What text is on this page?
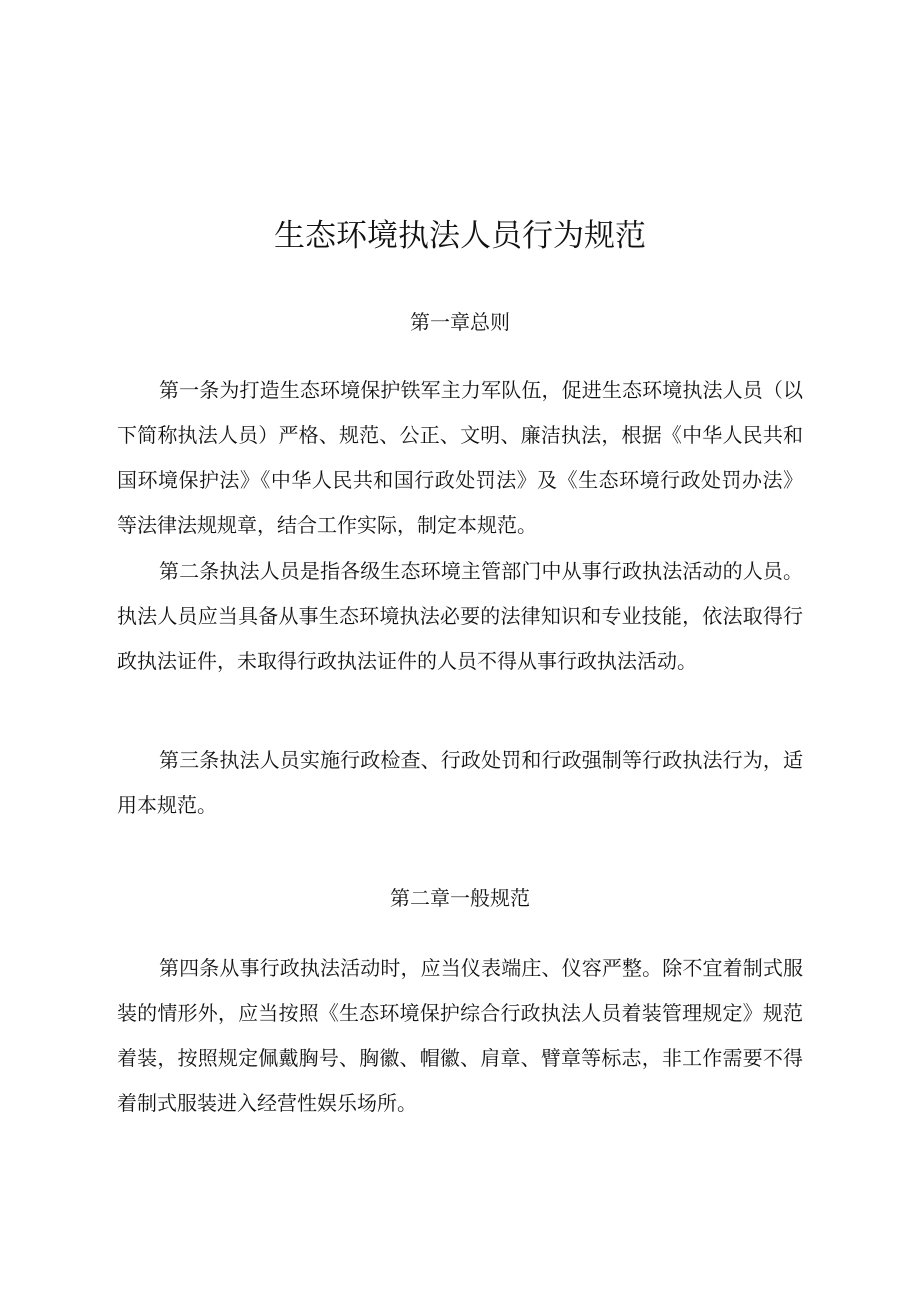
生态环境执法人员行为规范
第一章总则

第一条为打造生态环境保护铁军主力军队伍，促进生态环境执法人员（以下简称执法人员）严格、规范、公正、文明、廉洁执法，根据《中华人民共和国环境保护法》《中华人民共和国行政处罚法》及《生态环境行政处罚办法》等法律法规规章，结合工作实际，制定本规范。

第二条执法人员是指各级生态环境主管部门中从事行政执法活动的人员。执法人员应当具备从事生态环境执法必要的法律知识和专业技能，依法取得行政执法证件，未取得行政执法证件的人员不得从事行政执法活动。

第三条执法人员实施行政检查、行政处罚和行政强制等行政执法行为，适用本规范。

第二章一般规范

第四条从事行政执法活动时，应当仪表端庄、仪容严整。除不宜着制式服装的情形外，应当按照《生态环境保护综合行政执法人员着装管理规定》规范着装，按照规定佩戴胸号、胸徽、帽徽、肩章、臂章等标志，非工作需要不得着制式服装进入经营性娱乐场所。
